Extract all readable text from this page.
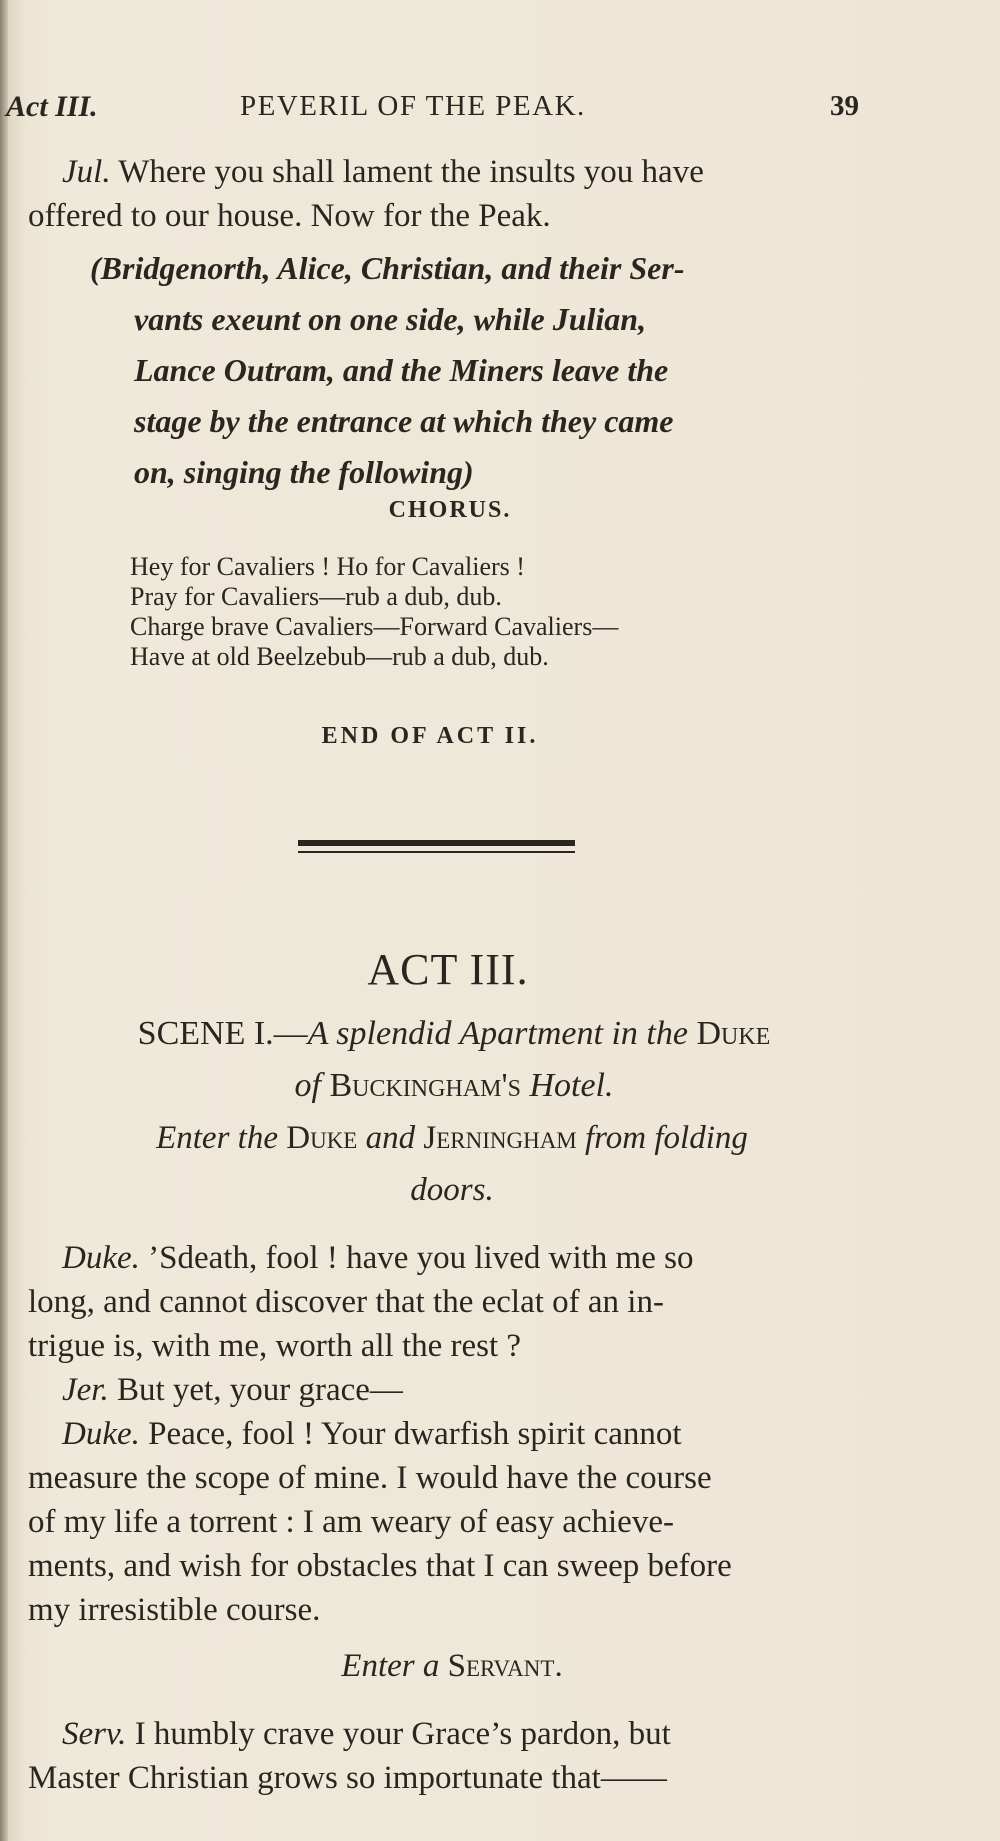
Act III.	PEVERIL OF THE PEAK.	39
Jul. Where you shall lament the insults you have
offered to our house. Now for the Peak.
(Bridgenorth, Alice, Christian, and their Ser-
vants exeunt on one side, while Julian,
Lance Outram, and the Miners leave the
stage by the entrance at which they came
on, singing the following)
CHORUS.
Hey for Cavaliers ! Ho for Cavaliers !
Pray for Cavaliers—rub a dub, dub.
Charge brave Cavaliers—Forward Cavaliers—
Have at old Beelzebub—rub a dub, dub.
END OF ACT II.
ACT III.
SCENE I.—A splendid Apartment in the Duke
of Buckingham's Hotel.
Enter the Duke and Jerningham from folding
doors.
Duke. ’Sdeath, fool ! have you lived with me so
long, and cannot discover that the eclat of an in-
trigue is, with me, worth all the rest ?
Jer. But yet, your grace—
Duke. Peace, fool ! Your dwarfish spirit cannot
measure the scope of mine. I would have the course
of my life a torrent : I am weary of easy achieve-
ments, and wish for obstacles that I can sweep before
my irresistible course.
Enter a Servant.
Serv. I humbly crave your Grace’s pardon, but
Master Christian grows so importunate that——
